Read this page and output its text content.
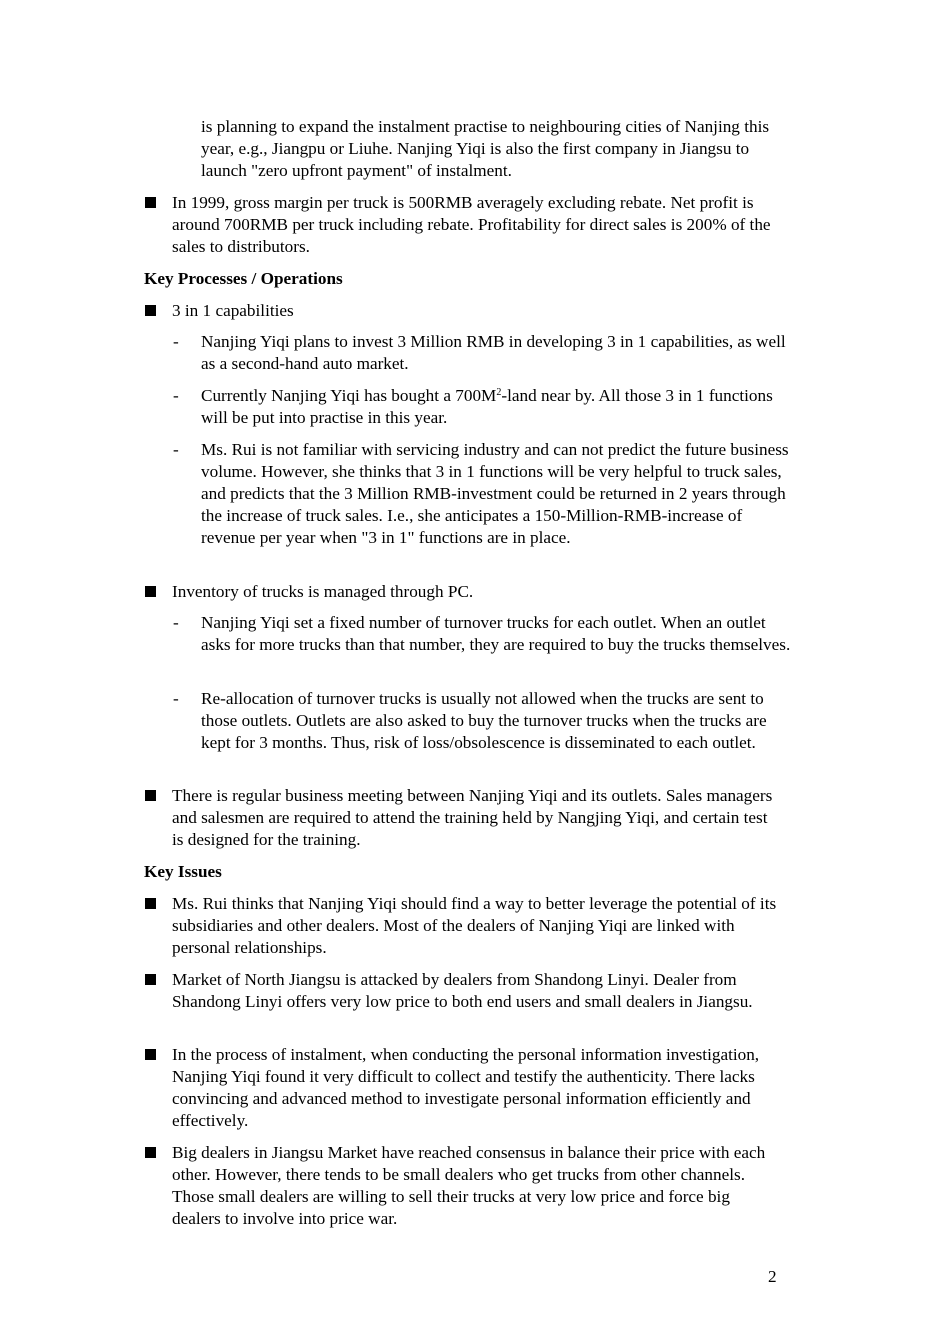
is planning to expand the instalment practise to neighbouring cities of Nanjing this year, e.g., Jiangpu or Liuhe. Nanjing Yiqi is also the first company in Jiangsu to launch "zero upfront payment" of instalment.
In 1999, gross margin per truck is 500RMB averagely excluding rebate. Net profit is around 700RMB per truck including rebate. Profitability for direct sales is 200% of the sales to distributors.
Key Processes / Operations
3 in 1 capabilities
- Nanjing Yiqi plans to invest 3 Million RMB in developing 3 in 1 capabilities, as well as a second-hand auto market.
- Currently Nanjing Yiqi has bought a $700M^2$-land near by. All those 3 in 1 functions will be put into practise in this year.
- Ms. Rui is not familiar with servicing industry and can not predict the future business volume. However, she thinks that 3 in 1 functions will be very helpful to truck sales, and predicts that the 3 Million RMB-investment could be returned in 2 years through the increase of truck sales. I.e., she anticipates a 150-Million-RMB-increase of revenue per year when "3 in 1" functions are in place.
Inventory of trucks is managed through PC.
- Nanjing Yiqi set a fixed number of turnover trucks for each outlet. When an outlet asks for more trucks than that number, they are required to buy the trucks themselves.
- Re-allocation of turnover trucks is usually not allowed when the trucks are sent to those outlets. Outlets are also asked to buy the turnover trucks when the trucks are kept for 3 months. Thus, risk of loss/obsolescence is disseminated to each outlet.
There is regular business meeting between Nanjing Yiqi and its outlets. Sales managers and salesmen are required to attend the training held by Nangjing Yiqi, and certain test is designed for the training.
Key Issues
Ms. Rui thinks that Nanjing Yiqi should find a way to better leverage the potential of its subsidiaries and other dealers. Most of the dealers of Nanjing Yiqi are linked with personal relationships.
Market of North Jiangsu is attacked by dealers from Shandong Linyi. Dealer from Shandong Linyi offers very low price to both end users and small dealers in Jiangsu.
In the process of instalment, when conducting the personal information investigation, Nanjing Yiqi found it very difficult to collect and testify the authenticity. There lacks convincing and advanced method to investigate personal information efficiently and effectively.
Big dealers in Jiangsu Market have reached consensus in balance their price with each other. However, there tends to be small dealers who get trucks from other channels. Those small dealers are willing to sell their trucks at very low price and force big dealers to involve into price war.
2
